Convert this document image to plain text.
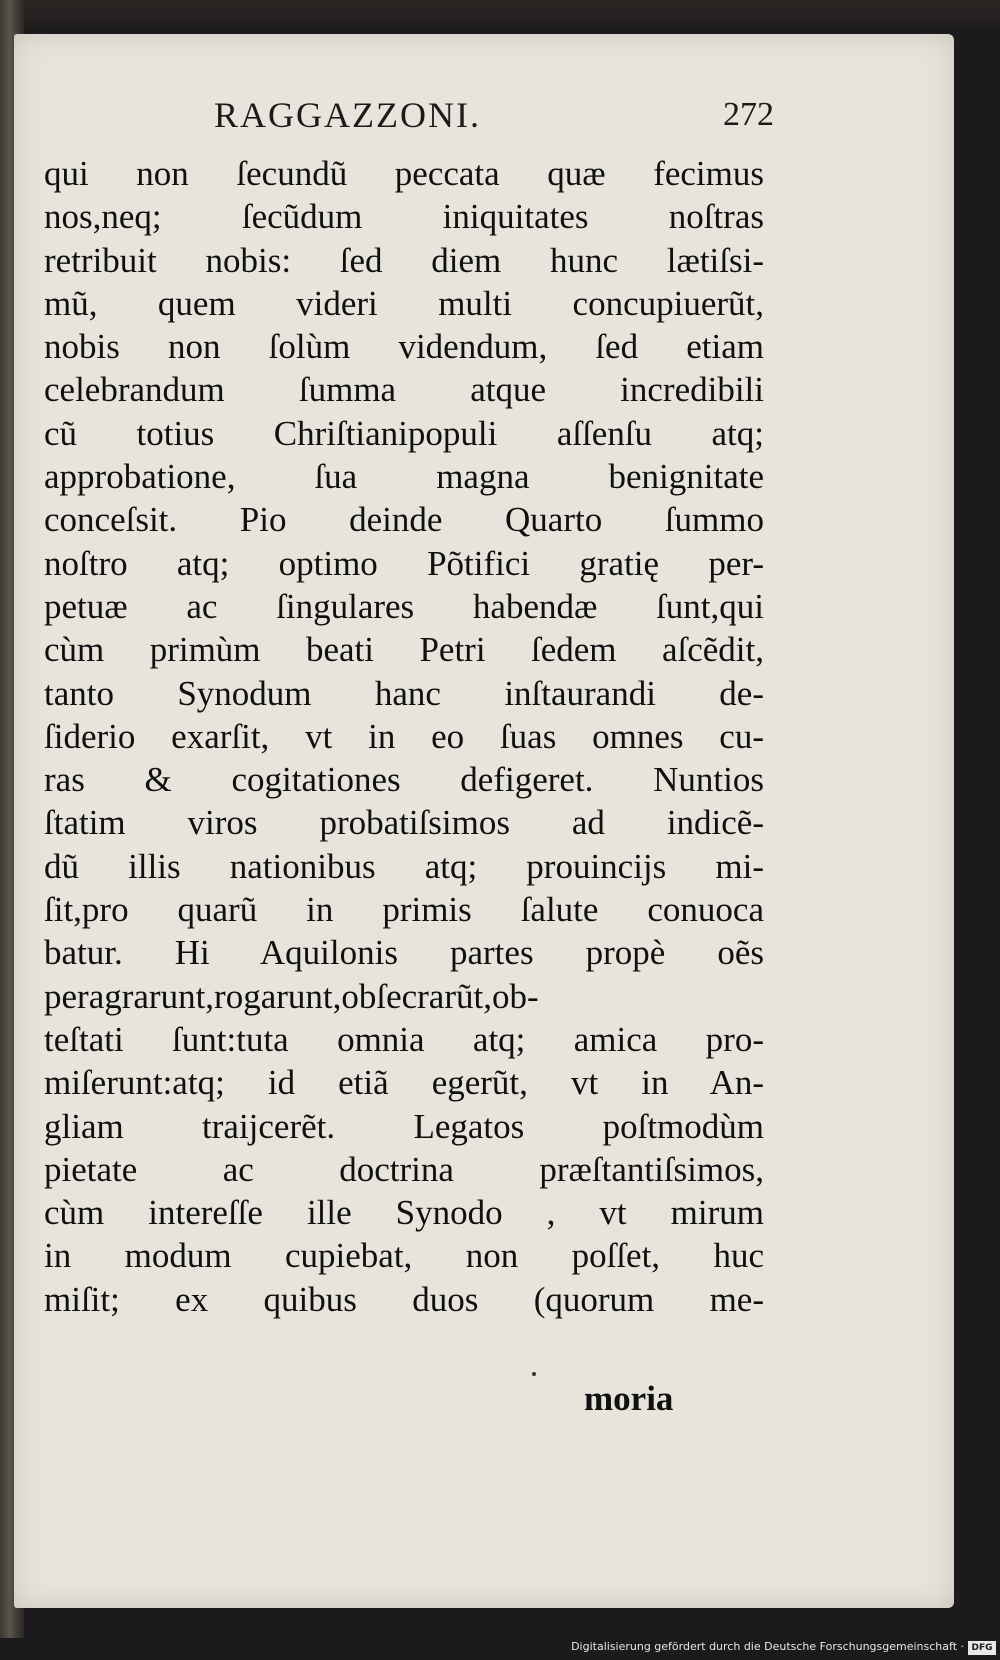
RAGGAZZONI.	272
qui non ſecundũ peccata quæ fecimus
nos,neq; ſecũdum iniquitates noſtras
retribuit nobis: ſed diem hunc lætiſsi-
mũ, quem videri multi concupiuerũt,
nobis non ſolùm videndum, ſed etiam
celebrandum ſumma atque incredibili
cũ totius Chriſtianipopuli aſſenſu atq;
approbatione, ſua magna benignitate
conceſsit. Pio deinde Quarto ſummo
noſtro atq; optimo Põtifici gratię per-
petuæ ac ſingulares habendæ ſunt,qui
cùm primùm beati Petri ſedem aſcẽdit,
tanto Synodum hanc inſtaurandi de-
ſiderio exarſit, vt in eo ſuas omnes cu-
ras & cogitationes defigeret. Nuntios
ſtatim viros probatiſsimos ad indicẽ-
dũ illis nationibus atq; prouincijs mi-
ſit,pro quarũ in primis ſalute conuoca
batur. Hi Aquilonis partes propè oẽs
peragrarunt,rogarunt,obſecrarũt,ob-
teſtati ſunt:tuta omnia atq; amica pro-
miſerunt:atq; id etiã egerũt, vt in An-
gliam traijcerẽt. Legatos poſtmodùm
pietate ac doctrina præſtantiſsimos,
cùm intereſſe ille Synodo , vt mirum
in modum cupiebat, non poſſet, huc
miſit; ex quibus duos (quorum me-
moria
Digitalisierung gefördert durch die Deutsche Forschungsgemeinschaft · DFG
